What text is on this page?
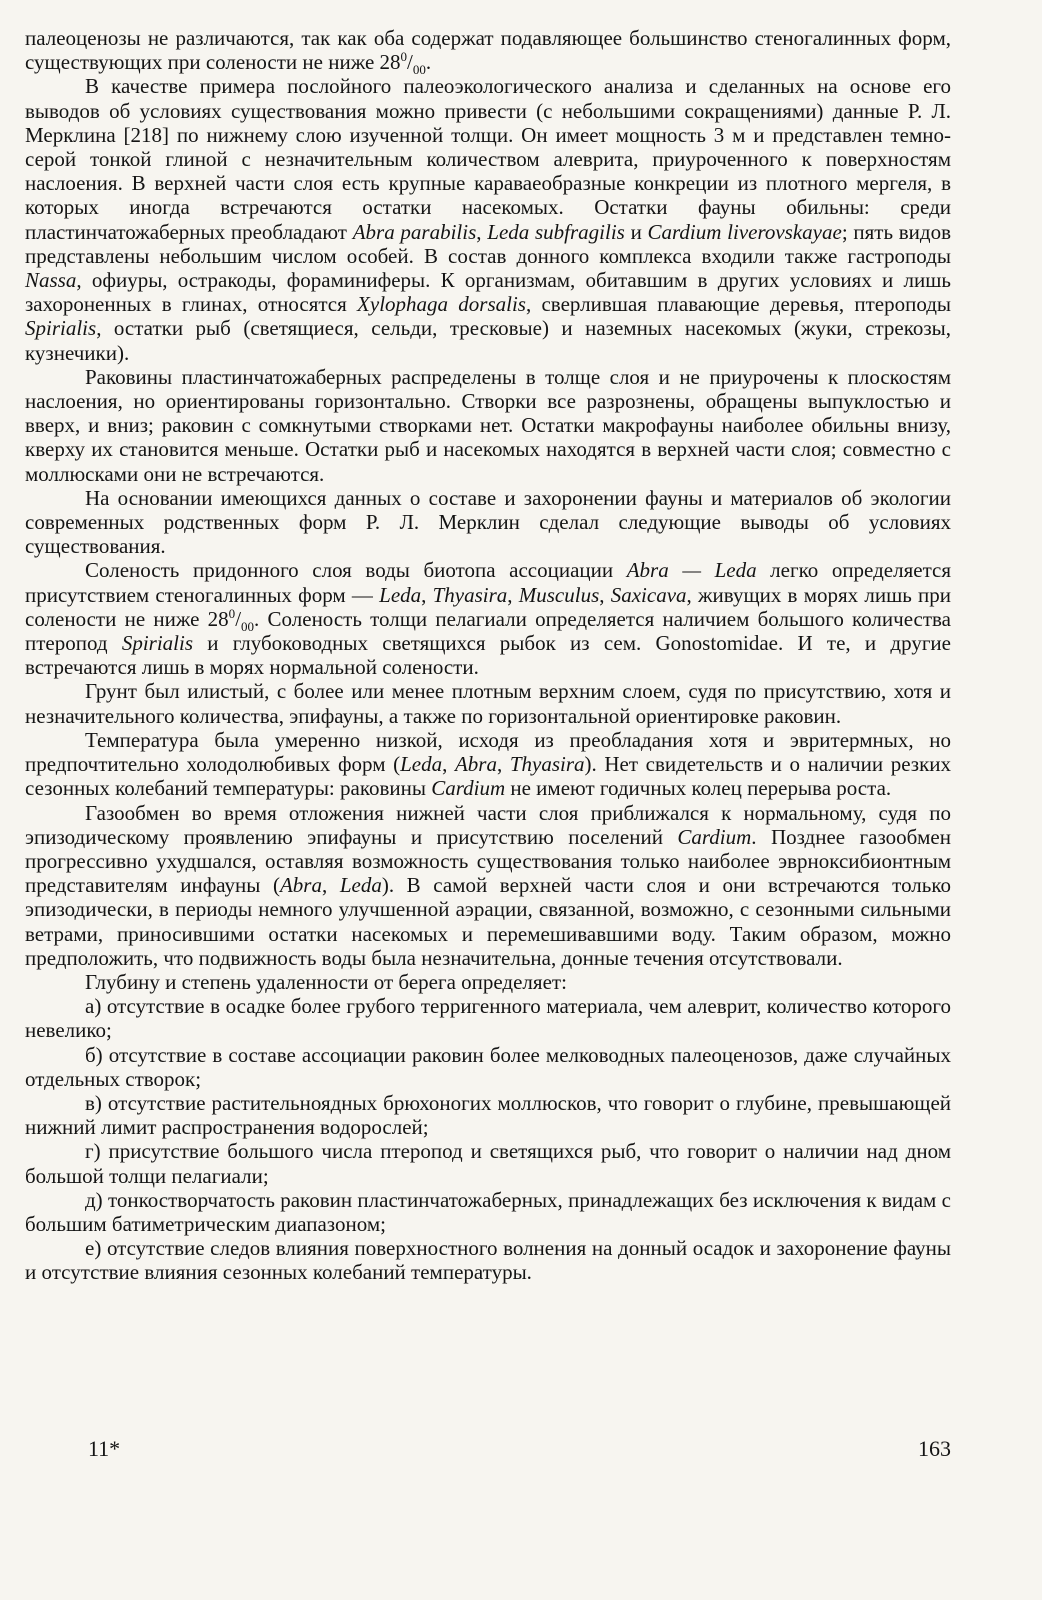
палеоценозы не различаются, так как оба содержат подавляющее большинство стеногалинных форм, существующих при солености не ниже $28^0/_{00}$.

В качестве примера послойного палеоэкологического анализа и сделанных на основе его выводов об условиях существования можно привести (с небольшими сокращениями) данные Р. Л. Мерклина [218] по нижнему слою изученной толщи. Он имеет мощность 3 м и представлен темно-серой тонкой глиной с незначительным количеством алеврита, приуроченного к поверхностям наслоения. В верхней части слоя есть крупные караваеобразные конкреции из плотного мергеля, в которых иногда встречаются остатки насекомых. Остатки фауны обильны: среди пластинчатожаберных преобладают Abra parabilis, Leda subfragilis и Cardium liverovskayae; пять видов представлены небольшим числом особей. В состав донного комплекса входили также гастроподы Nassa, офиуры, остракоды, фораминиферы. К организмам, обитавшим в других условиях и лишь захороненных в глинах, относятся Xylophaga dorsalis, сверлившая плавающие деревья, птероподы Spirialis, остатки рыб (светящиеся, сельди, тресковые) и наземных насекомых (жуки, стрекозы, кузнечики).

Раковины пластинчатожаберных распределены в толще слоя и не приурочены к плоскостям наслоения, но ориентированы горизонтально. Створки все разрознены, обращены выпуклостью и вверх, и вниз; раковин с сомкнутыми створками нет. Остатки макрофауны наиболее обильны внизу, кверху их становится меньше. Остатки рыб и насекомых находятся в верхней части слоя; совместно с моллюсками они не встречаются.

На основании имеющихся данных о составе и захоронении фауны и материалов об экологии современных родственных форм Р. Л. Мерклин сделал следующие выводы об условиях существования.

Соленость придонного слоя воды биотопа ассоциации Abra — Leda легко определяется присутствием стеногалинных форм — Leda, Thyasira, Musculus, Saxicava, живущих в морях лишь при солености не ниже $28^0/_{00}$. Соленость толщи пелагиали определяется наличием большого количества птеропод Spirialis и глубоководных светящихся рыбок из сем. Gonostomidae. И те, и другие встречаются лишь в морях нормальной солености.

Грунт был илистый, с более или менее плотным верхним слоем, судя по присутствию, хотя и незначительного количества, эпифауны, а также по горизонтальной ориентировке раковин.

Температура была умеренно низкой, исходя из преобладания хотя и эвритермных, но предпочтительно холодолюбивых форм (Leda, Abra, Thyasira). Нет свидетельств и о наличии резких сезонных колебаний температуры: раковины Cardium не имеют годичных колец перерыва роста.

Газообмен во время отложения нижней части слоя приближался к нормальному, судя по эпизодическому проявлению эпифауны и присутствию поселений Cardium. Позднее газообмен прогрессивно ухудшался, оставляя возможность существования только наиболее эврноксибионтным представителям инфауны (Abra, Leda). В самой верхней части слоя и они встречаются только эпизодически, в периоды немного улучшенной аэрации, связанной, возможно, с сезонными сильными ветрами, приносившими остатки насекомых и перемешивавшими воду. Таким образом, можно предположить, что подвижность воды была незначительна, донные течения отсутствовали.

Глубину и степень удаленности от берега определяет:

а) отсутствие в осадке более грубого терригенного материала, чем алеврит, количество которого невелико;

б) отсутствие в составе ассоциации раковин более мелководных палеоценозов, даже случайных отдельных створок;

в) отсутствие растительноядных брюхоногих моллюсков, что говорит о глубине, превышающей нижний лимит распространения водорослей;

г) присутствие большого числа птеропод и светящихся рыб, что говорит о наличии над дном большой толщи пелагиали;

д) тонкостворчатость раковин пластинчатожаберных, принадлежащих без исключения к видам с большим батиметрическим диапазоном;

е) отсутствие следов влияния поверхностного волнения на донный осадок и захоронение фауны и отсутствие влияния сезонных колебаний температуры.

11*	163
